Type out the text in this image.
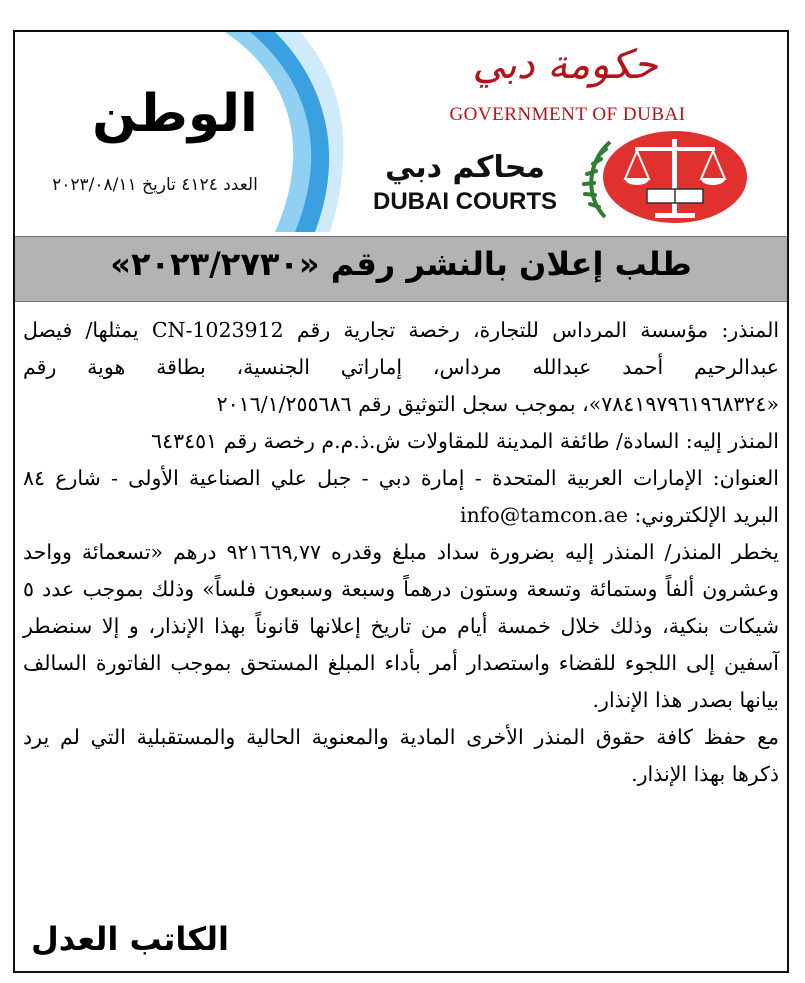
الوطن
العدد ٤١٢٤ تاريخ ٢٠٢٣/٠٨/١١
حكومة دبي
GOVERNMENT OF DUBAI
محاكم دبي
DUBAI COURTS
طلب إعلان بالنشر رقم «٢٠٢٣/٢٧٣٠»

المنذر: مؤسسة المرداس للتجارة، رخصة تجارية رقم CN-1023912 يمثلها/ فيصل عبدالرحيم أحمد عبدالله مرداس، إماراتي الجنسية، بطاقة هوية رقم «٧٨٤١٩٧٩٦١٩٦٨٣٢٤»، بموجب سجل التوثيق رقم ٢٠١٦/١/٢٥٥٦٨٦

المنذر إليه: السادة/ طائفة المدينة للمقاولات ش.ذ.م.م رخصة رقم ٦٤٣٤٥١

العنوان: الإمارات العربية المتحدة - إمارة دبي - جبل علي الصناعية الأولى - شارع ٨٤ البريد الإلكتروني: info@tamcon.ae

يخطر المنذر/ المنذر إليه بضرورة سداد مبلغ وقدره ٩٢١٦٦٩,٧٧ درهم «تسعمائة وواحد وعشرون ألفاً وستمائة وتسعة وستون درهماً وسبعة وسبعون فلساً» وذلك بموجب عدد ٥ شيكات بنكية، وذلك خلال خمسة أيام من تاريخ إعلانها قانوناً بهذا الإنذار، و إلا سنضطر آسفين إلى اللجوء للقضاء واستصدار أمر بأداء المبلغ المستحق بموجب الفاتورة السالف بيانها بصدر هذا الإنذار.

مع حفظ كافة حقوق المنذر الأخرى المادية والمعنوية الحالية والمستقبلية التي لم يرد ذكرها بهذا الإنذار.

الكاتب العدل
